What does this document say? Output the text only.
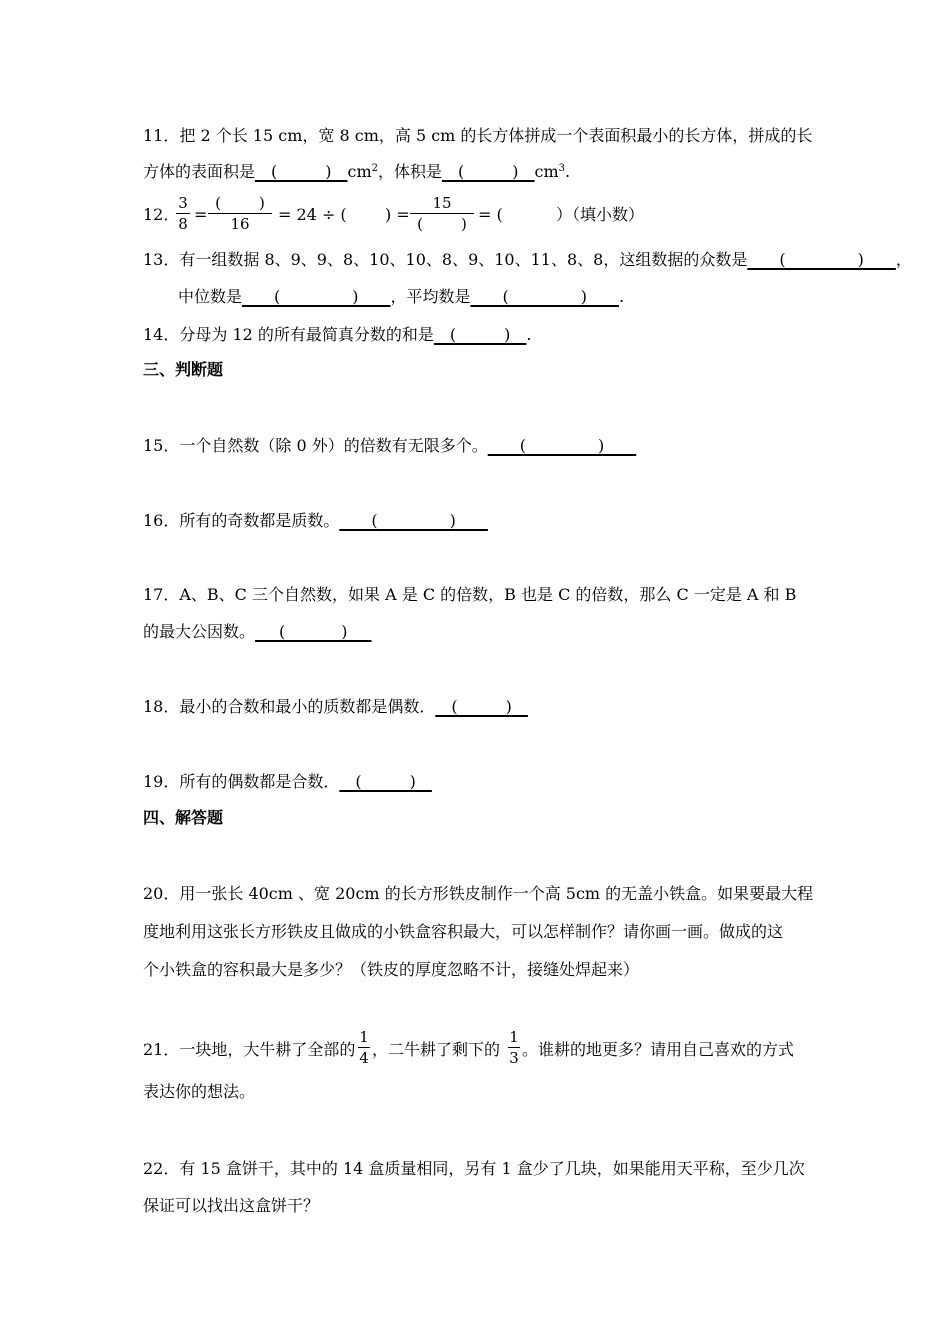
11．把 2 个长 15 cm，宽 8 cm，高 5 cm 的长方体拼成一个表面积最小的长方体，拼成的长
方体的表面积是$\_\_(\_\_\_\_\_\_)\_\_cm^2$，体积是$\_\_(\_\_\_\_\_\_)\_\_cm^3$.
12．
3
8 =
(        )
16	= 24 ÷ ( ) =
15
(        ) = (	）（填小数）
13．有一组数据 8、9、9、8、10、10、8、9、10、11、8、8，这组数据的众数是____(_________)____，
中位数是____(_________)____，平均数是____(_________)____.
14．分母为 12 的所有最简真分数的和是__(______)__.
三、判断题
15．一个自然数（除 0 外）的倍数有无限多个。____(_________)____
16．所有的奇数都是质数。____(_________)____
17．A、B、C 三个自然数，如果 A 是 C 的倍数，B 也是 C 的倍数，那么 C 一定是 A 和 B
的最大公因数。___(_______)___
18．最小的合数和最小的质数都是偶数．__(______)__
19．所有的偶数都是合数．__(______)__
四、解答题
20．用一张长 40cm 、宽 20cm 的长方形铁皮制作一个高 5cm 的无盖小铁盒。如果要最大程
度地利用这张长方形铁皮且做成的小铁盒容积最大，可以怎样制作？请你画一画。做成的这
个小铁盒的容积最大是多少？（铁皮的厚度忽略不计，接缝处焊起来）
21．一块地，大牛耕了全部的
1
4 ，二牛耕了剩下的
1
3 。谁耕的地更多？请用自己喜欢的方式
表达你的想法。
22．有 15 盒饼干，其中的 14 盒质量相同，另有 1 盒少了几块，如果能用天平称，至少几次
保证可以找出这盒饼干？
